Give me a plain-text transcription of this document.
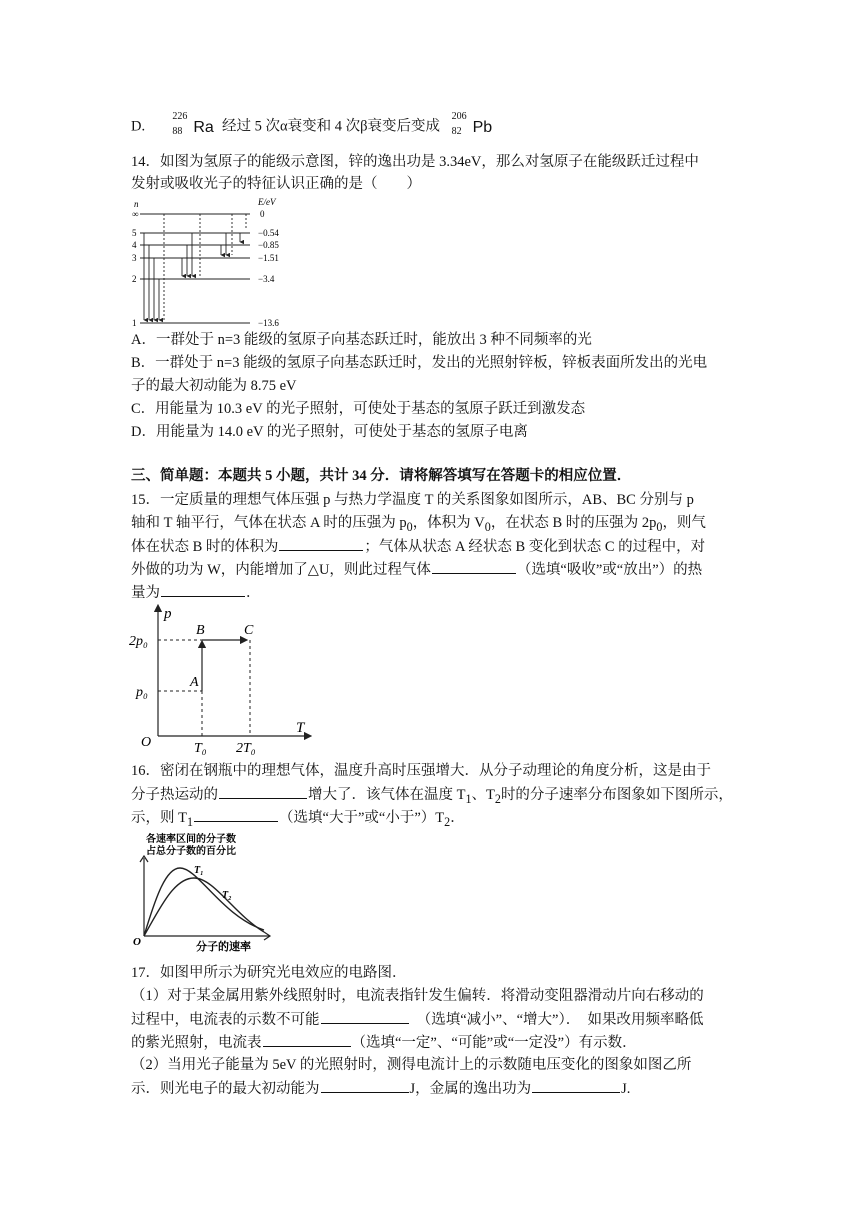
D.
226
88 Ra 经过 5 次α衰变和 4 次β衰变后变成
206
82 Pb
14．如图为氢原子的能级示意图，锌的逸出功是 3.34eV，那么对氢原子在能级跃迁过程中
发射或吸收光子的特征认识正确的是（　　）
n	E/eV
∞
5
4
3
2
1
0
−0.54
−0.85
−1.51
−3.4
−13.6
A．一群处于 n=3 能级的氢原子向基态跃迁时，能放出 3 种不同频率的光
B．一群处于 n=3 能级的氢原子向基态跃迁时，发出的光照射锌板，锌板表面所发出的光电
子的最大初动能为 8.75 eV
C．用能量为 10.3 eV 的光子照射，可使处于基态的氢原子跃迁到激发态
D．用能量为 14.0 eV 的光子照射，可使处于基态的氢原子电离
三、简单题：本题共 5 小题，共计 34 分．请将解答填写在答题卡的相应位置．
15．一定质量的理想气体压强 p 与热力学温度 T 的关系图象如图所示，AB、BC 分别与 p
轴和 T 轴平行，气体在状态 A 时的压强为 $p_0$，体积为 $V_0$，在状态 B 时的压强为 $2p_0$，则气
体在状态 B 时的体积为	；气体从状态 A 经状态 B 变化到状态 C 的过程中，对
外做的功为 W，内能增加了△U，则此过程气体	（选填“吸收”或“放出”）的热
量为	．
p
T
O
2p₀
p₀
T₀ 2T₀
A
B	C
16．密闭在钢瓶中的理想气体，温度升高时压强增大．从分子动理论的角度分析，这是由于
分子热运动的	增大了．该气体在温度 $T_1$、$T_2$时的分子速率分布图象如下图所示，
示，则 $T_1$	（选填“大于”或“小于$”)T_2$．
各速率区间的分子数
占总分子数的百分比
O
T₁
T₂
分子的速率
17．如图甲所示为研究光电效应的电路图．
（1）对于某金属用紫外线照射时，电流表指针发生偏转．将滑动变阻器滑动片向右移动的
过程中，电流表的示数不可能　	（选填“减小”、“增大”）．　如果改用频率略低
的紫光照射，电流表	（选填“一定”、“可能”或“一定没”）有示数．
（2）当用光子能量为 5eV 的光照射时，测得电流计上的示数随电压变化的图象如图乙所
示．则光电子的最大初动能为	J，金属的逸出功为	J.
